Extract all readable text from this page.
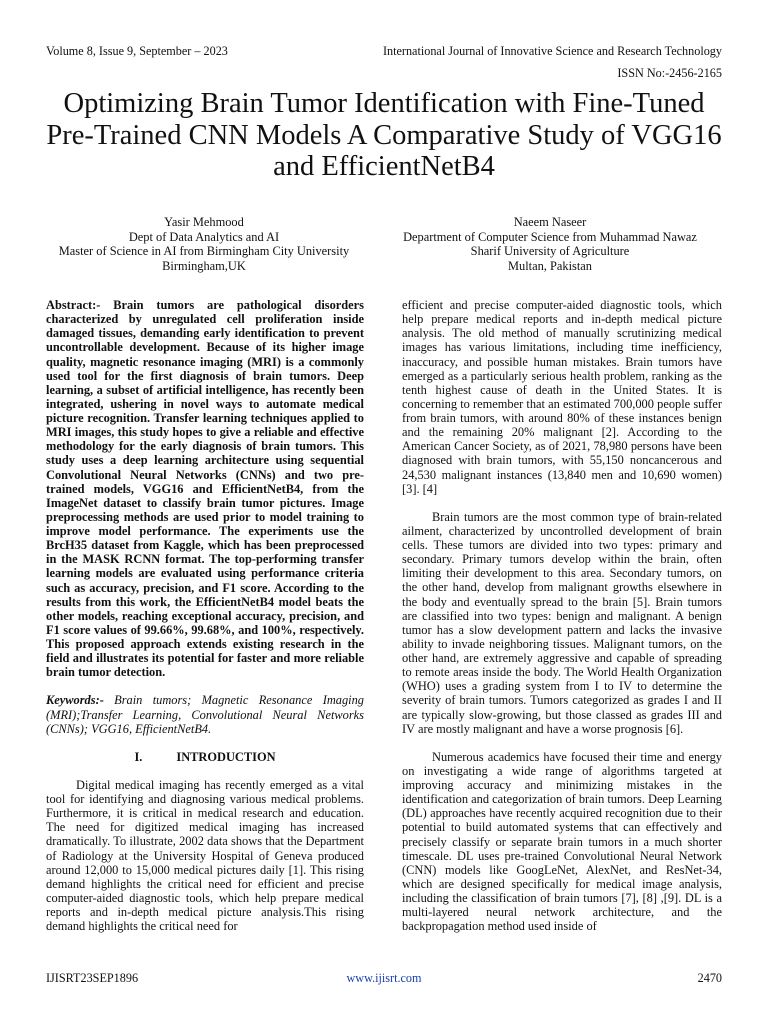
Volume 8, Issue 9, September – 2023	International Journal of Innovative Science and Research Technology
ISSN No:-2456-2165
Optimizing Brain Tumor Identification with Fine-Tuned Pre-Trained CNN Models A Comparative Study of VGG16 and EfficientNetB4
Yasir Mehmood
Dept of Data Analytics and AI
Master of Science in AI from Birmingham City University
Birmingham,UK
Naeem Naseer
Department of Computer Science from Muhammad Nawaz
Sharif University of Agriculture
Multan, Pakistan

Abstract:- Brain tumors are pathological disorders characterized by unregulated cell proliferation inside damaged tissues, demanding early identification to prevent uncontrollable development. Because of its higher image quality, magnetic resonance imaging (MRI) is a commonly used tool for the first diagnosis of brain tumors. Deep learning, a subset of artificial intelligence, has recently been integrated, ushering in novel ways to automate medical picture recognition. Transfer learning techniques applied to MRI images, this study hopes to give a reliable and effective methodology for the early diagnosis of brain tumors. This study uses a deep learning architecture using sequential Convolutional Neural Networks (CNNs) and two pre-trained models, VGG16 and EfficientNetB4, from the ImageNet dataset to classify brain tumor pictures. Image preprocessing methods are used prior to model training to improve model performance. The experiments use the BrcH35 dataset from Kaggle, which has been preprocessed in the MASK RCNN format. The top-performing transfer learning models are evaluated using performance criteria such as accuracy, precision, and F1 score. According to the results from this work, the EfficientNetB4 model beats the other models, reaching exceptional accuracy, precision, and F1 score values of 99.66%, 99.68%, and 100%, respectively. This proposed approach extends existing research in the field and illustrates its potential for faster and more reliable brain tumor detection.

Keywords:- Brain tumors; Magnetic Resonance Imaging (MRI);Transfer Learning, Convolutional Neural Networks (CNNs); VGG16, EfficientNetB4.

I.	INTRODUCTION

Digital medical imaging has recently emerged as a vital tool for identifying and diagnosing various medical problems. Furthermore, it is critical in medical research and education. The need for digitized medical imaging has increased dramatically. To illustrate, 2002 data shows that the Department of Radiology at the University Hospital of Geneva produced around 12,000 to 15,000 medical pictures daily [1]. This rising demand highlights the critical need for efficient and precise computer-aided diagnostic tools, which help prepare medical reports and in-depth medical picture analysis.This rising demand highlights the critical need for

efficient and precise computer-aided diagnostic tools, which help prepare medical reports and in-depth medical picture analysis. The old method of manually scrutinizing medical images has various limitations, including time inefficiency, inaccuracy, and possible human mistakes. Brain tumors have emerged as a particularly serious health problem, ranking as the tenth highest cause of death in the United States. It is concerning to remember that an estimated 700,000 people suffer from brain tumors, with around 80% of these instances benign and the remaining 20% malignant [2]. According to the American Cancer Society, as of 2021, 78,980 persons have been diagnosed with brain tumors, with 55,150 noncancerous and 24,530 malignant instances (13,840 men and 10,690 women) [3]. [4]

Brain tumors are the most common type of brain-related ailment, characterized by uncontrolled development of brain cells. These tumors are divided into two types: primary and secondary. Primary tumors develop within the brain, often limiting their development to this area. Secondary tumors, on the other hand, develop from malignant growths elsewhere in the body and eventually spread to the brain [5]. Brain tumors are classified into two types: benign and malignant. A benign tumor has a slow development pattern and lacks the invasive ability to invade neighboring tissues. Malignant tumors, on the other hand, are extremely aggressive and capable of spreading to remote areas inside the body. The World Health Organization (WHO) uses a grading system from I to IV to determine the severity of brain tumors. Tumors categorized as grades I and II are typically slow-growing, but those classed as grades III and IV are mostly malignant and have a worse prognosis [6].

Numerous academics have focused their time and energy on investigating a wide range of algorithms targeted at improving accuracy and minimizing mistakes in the identification and categorization of brain tumors. Deep Learning (DL) approaches have recently acquired recognition due to their potential to build automated systems that can effectively and precisely classify or separate brain tumors in a much shorter timescale. DL uses pre-trained Convolutional Neural Network (CNN) models like GoogLeNet, AlexNet, and ResNet-34, which are designed specifically for medical image analysis, including the classification of brain tumors [7], [8] ,[9]. DL is a multi-layered neural network architecture, and the backpropagation method used inside of

IJISRT23SEP1896	www.ijisrt.com	2470
